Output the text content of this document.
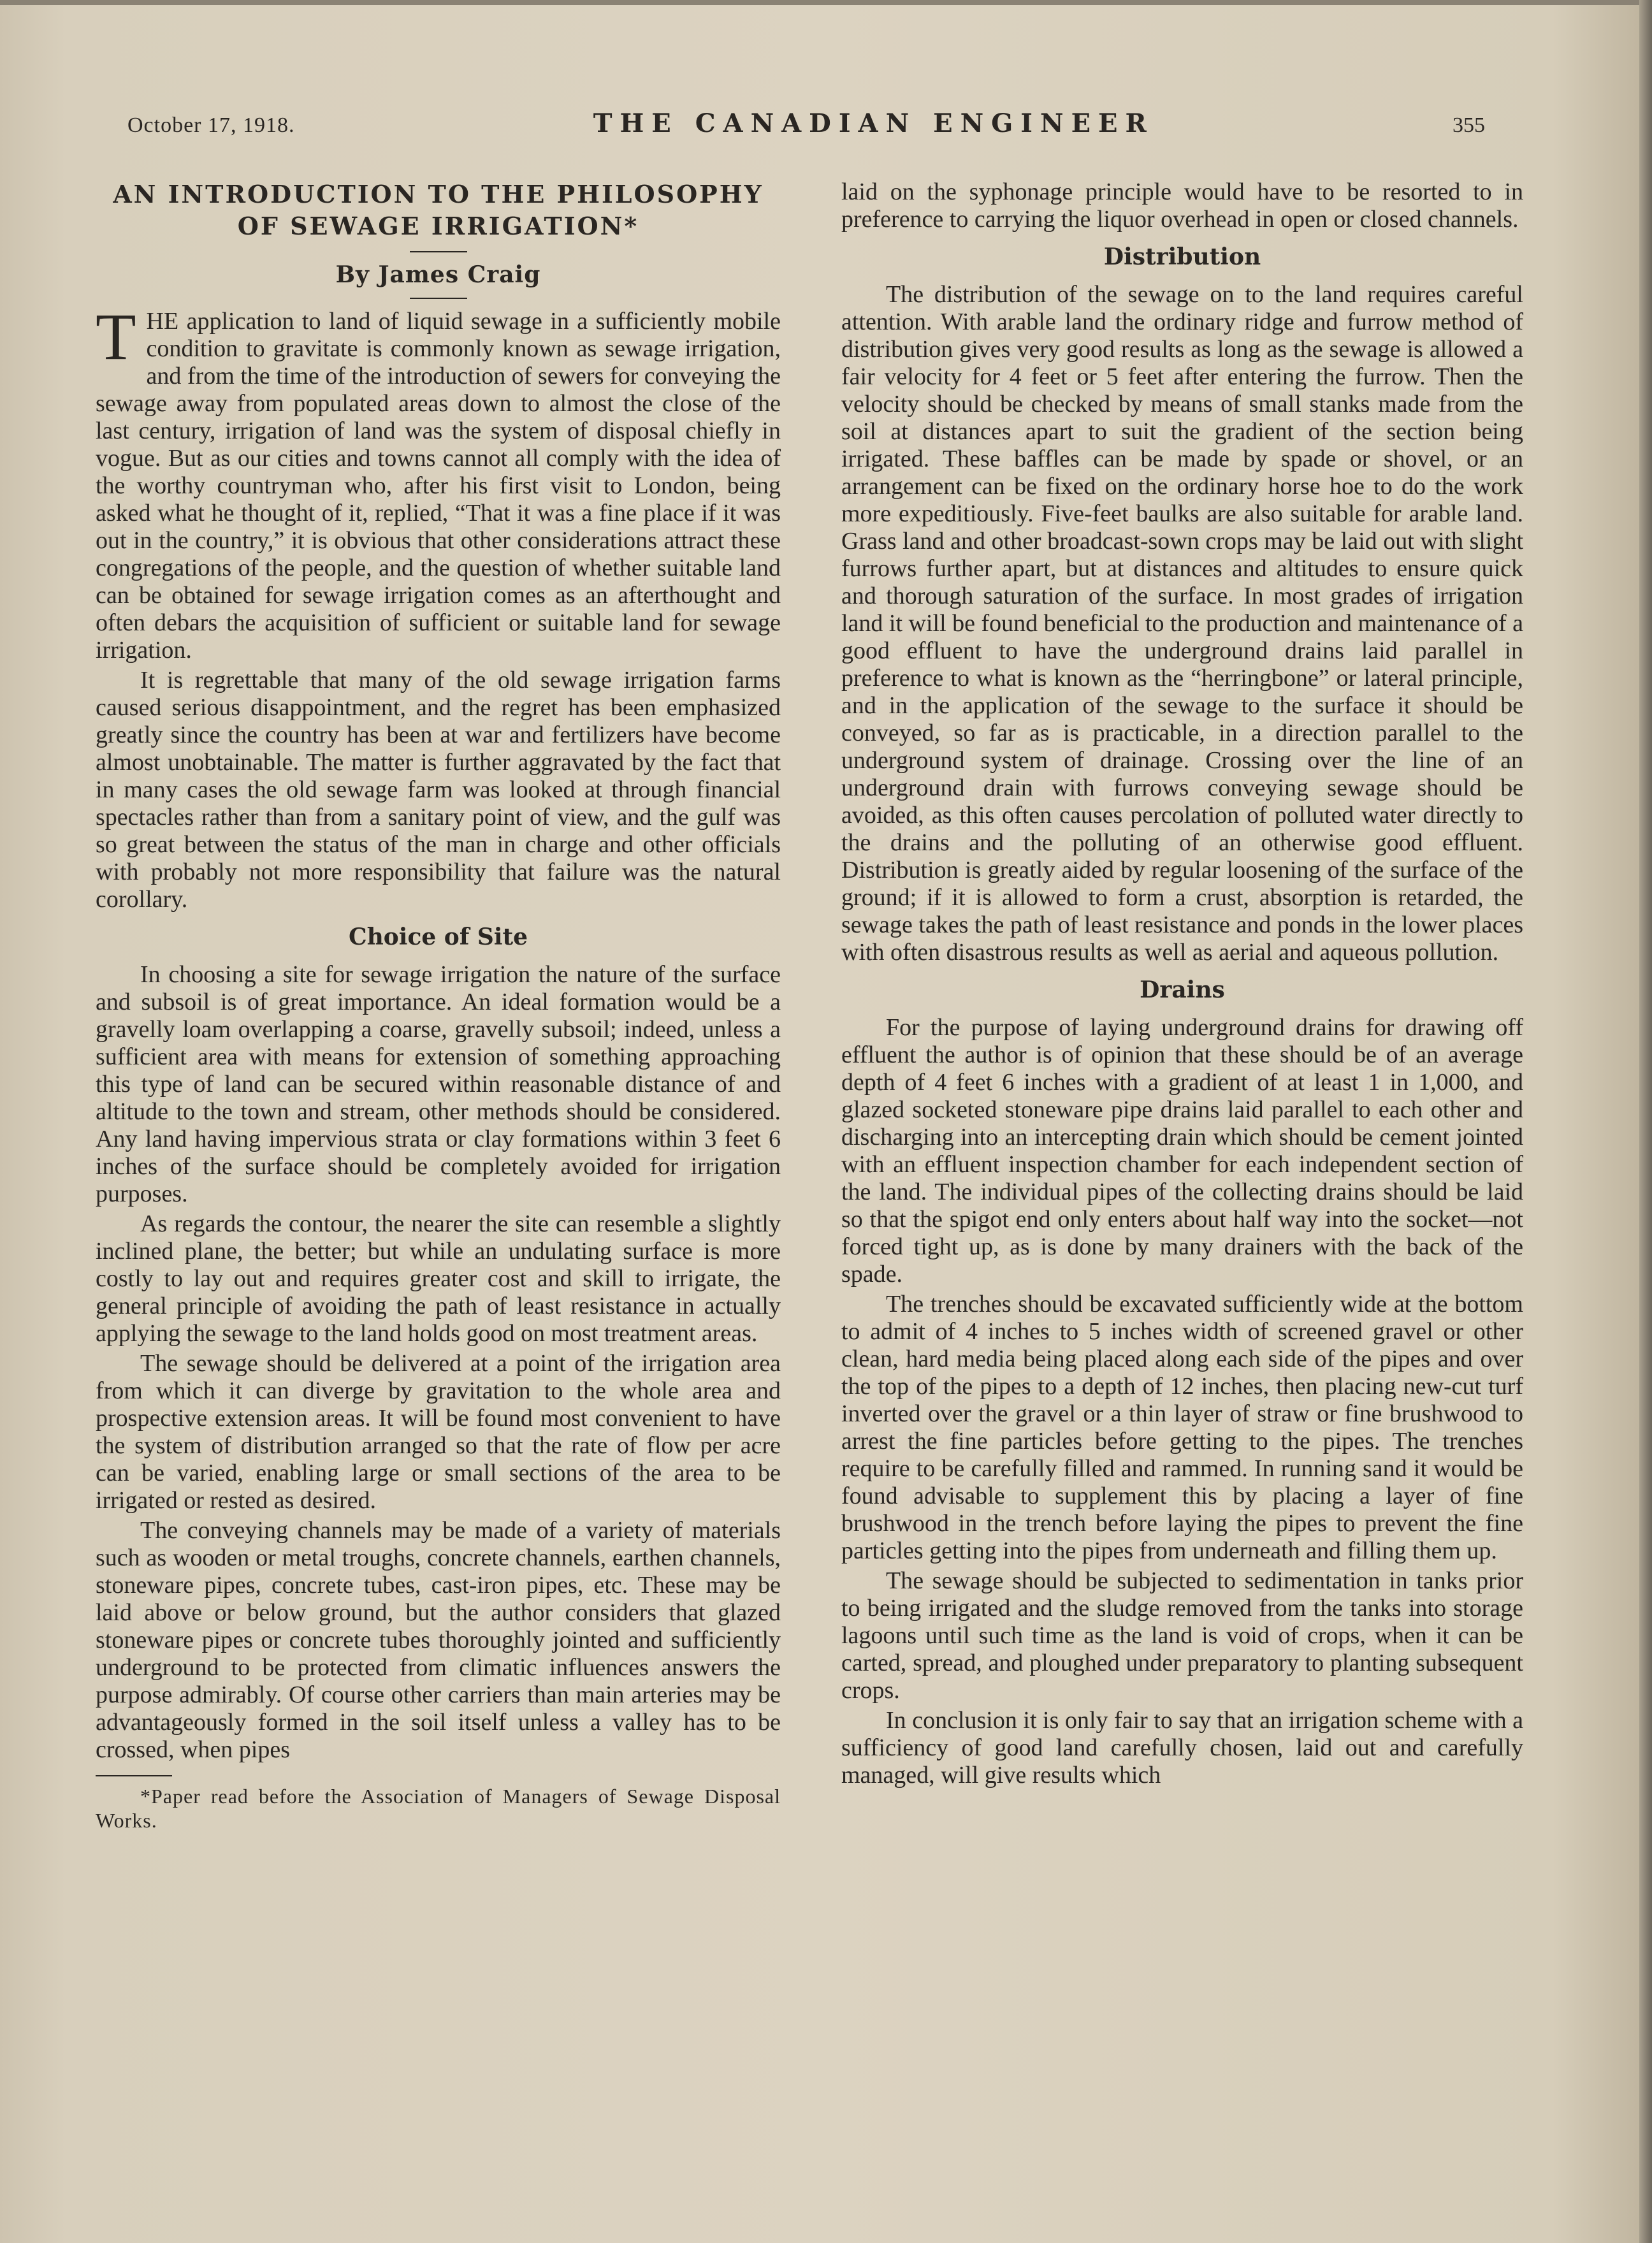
October 17, 1918.	THE CANADIAN ENGINEER	355
AN INTRODUCTION TO THE PHILOSOPHY OF SEWAGE IRRIGATION*
By James Craig

THE application to land of liquid sewage in a sufficiently mobile condition to gravitate is commonly known as sewage irrigation, and from the time of the introduction of sewers for conveying the sewage away from populated areas down to almost the close of the last century, irrigation of land was the system of disposal chiefly in vogue. But as our cities and towns cannot all comply with the idea of the worthy countryman who, after his first visit to London, being asked what he thought of it, replied, “That it was a fine place if it was out in the country,” it is obvious that other considerations attract these congregations of the people, and the question of whether suitable land can be obtained for sewage irrigation comes as an afterthought and often debars the acquisition of sufficient or suitable land for sewage irrigation.

It is regrettable that many of the old sewage irrigation farms caused serious disappointment, and the regret has been emphasized greatly since the country has been at war and fertilizers have become almost unobtainable. The matter is further aggravated by the fact that in many cases the old sewage farm was looked at through financial spectacles rather than from a sanitary point of view, and the gulf was so great between the status of the man in charge and other officials with probably not more responsibility that failure was the natural corollary.

Choice of Site

In choosing a site for sewage irrigation the nature of the surface and subsoil is of great importance. An ideal formation would be a gravelly loam overlapping a coarse, gravelly subsoil; indeed, unless a sufficient area with means for extension of something approaching this type of land can be secured within reasonable distance of and altitude to the town and stream, other methods should be considered. Any land having impervious strata or clay formations within 3 feet 6 inches of the surface should be completely avoided for irrigation purposes.

As regards the contour, the nearer the site can resemble a slightly inclined plane, the better; but while an undulating surface is more costly to lay out and requires greater cost and skill to irrigate, the general principle of avoiding the path of least resistance in actually applying the sewage to the land holds good on most treatment areas.

The sewage should be delivered at a point of the irrigation area from which it can diverge by gravitation to the whole area and prospective extension areas. It will be found most convenient to have the system of distribution arranged so that the rate of flow per acre can be varied, enabling large or small sections of the area to be irrigated or rested as desired.

The conveying channels may be made of a variety of materials such as wooden or metal troughs, concrete channels, earthen channels, stoneware pipes, concrete tubes, cast-iron pipes, etc. These may be laid above or below ground, but the author considers that glazed stoneware pipes or concrete tubes thoroughly jointed and sufficiently underground to be protected from climatic influences answers the purpose admirably. Of course other carriers than main arteries may be advantageously formed in the soil itself unless a valley has to be crossed, when pipes

*Paper read before the Association of Managers of Sewage Disposal Works.

laid on the syphonage principle would have to be resorted to in preference to carrying the liquor overhead in open or closed channels.

Distribution

The distribution of the sewage on to the land requires careful attention. With arable land the ordinary ridge and furrow method of distribution gives very good results as long as the sewage is allowed a fair velocity for 4 feet or 5 feet after entering the furrow. Then the velocity should be checked by means of small stanks made from the soil at distances apart to suit the gradient of the section being irrigated. These baffles can be made by spade or shovel, or an arrangement can be fixed on the ordinary horse hoe to do the work more expeditiously. Five-feet baulks are also suitable for arable land. Grass land and other broadcast-sown crops may be laid out with slight furrows further apart, but at distances and altitudes to ensure quick and thorough saturation of the surface. In most grades of irrigation land it will be found beneficial to the production and maintenance of a good effluent to have the underground drains laid parallel in preference to what is known as the “herringbone” or lateral principle, and in the application of the sewage to the surface it should be conveyed, so far as is practicable, in a direction parallel to the underground system of drainage. Crossing over the line of an underground drain with furrows conveying sewage should be avoided, as this often causes percolation of polluted water directly to the drains and the polluting of an otherwise good effluent. Distribution is greatly aided by regular loosening of the surface of the ground; if it is allowed to form a crust, absorption is retarded, the sewage takes the path of least resistance and ponds in the lower places with often disastrous results as well as aerial and aqueous pollution.

Drains

For the purpose of laying underground drains for drawing off effluent the author is of opinion that these should be of an average depth of 4 feet 6 inches with a gradient of at least 1 in 1,000, and glazed socketed stoneware pipe drains laid parallel to each other and discharging into an intercepting drain which should be cement jointed with an effluent inspection chamber for each independent section of the land. The individual pipes of the collecting drains should be laid so that the spigot end only enters about half way into the socket—not forced tight up, as is done by many drainers with the back of the spade.

The trenches should be excavated sufficiently wide at the bottom to admit of 4 inches to 5 inches width of screened gravel or other clean, hard media being placed along each side of the pipes and over the top of the pipes to a depth of 12 inches, then placing new-cut turf inverted over the gravel or a thin layer of straw or fine brushwood to arrest the fine particles before getting to the pipes. The trenches require to be carefully filled and rammed. In running sand it would be found advisable to supplement this by placing a layer of fine brushwood in the trench before laying the pipes to prevent the fine particles getting into the pipes from underneath and filling them up.

The sewage should be subjected to sedimentation in tanks prior to being irrigated and the sludge removed from the tanks into storage lagoons until such time as the land is void of crops, when it can be carted, spread, and ploughed under preparatory to planting subsequent crops.

In conclusion it is only fair to say that an irrigation scheme with a sufficiency of good land carefully chosen, laid out and carefully managed, will give results which
